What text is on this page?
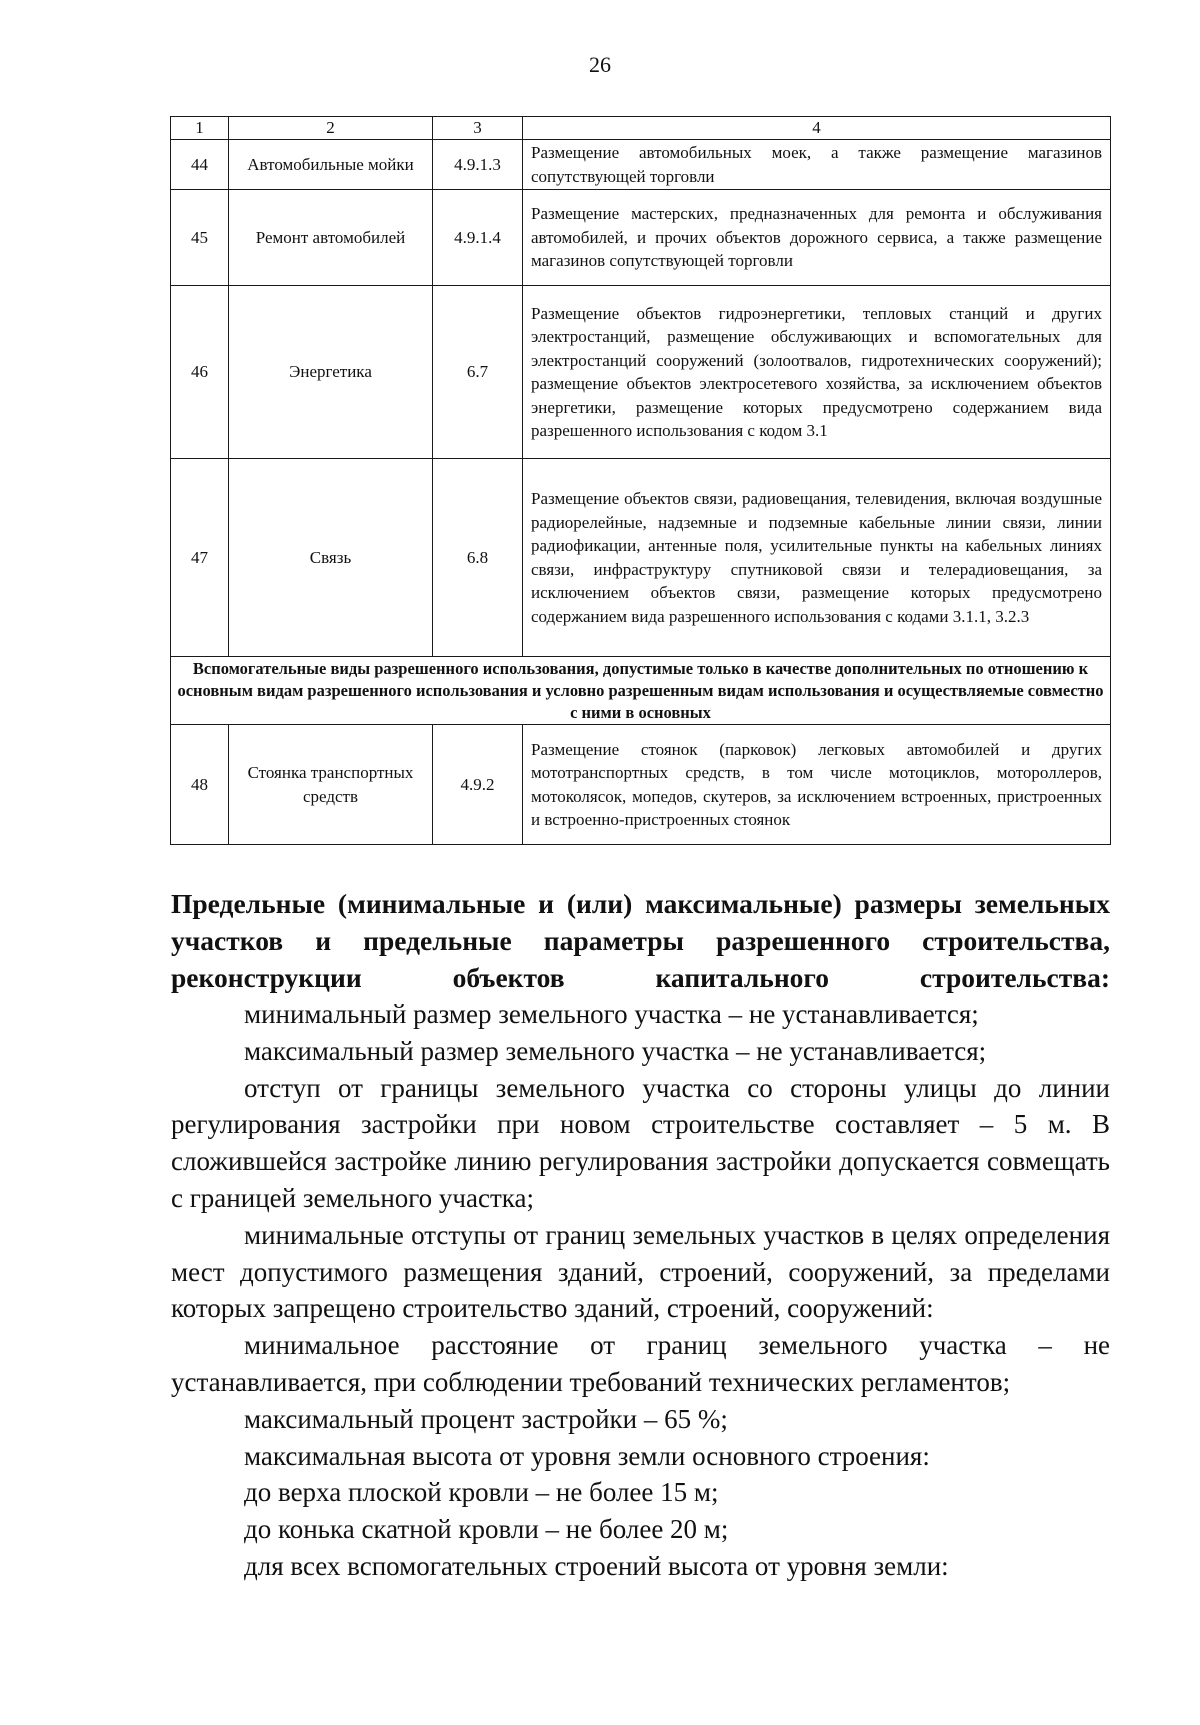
26
1	2	3	4
44	Автомобильные мойки	4.9.1.3	Размещение автомобильных моек, а также размещение магазинов сопутствующей торговли
45	Ремонт автомобилей	4.9.1.4	Размещение мастерских, предназначенных для ремонта и обслуживания автомобилей, и прочих объектов дорожного сервиса, а также размещение магазинов сопутствующей торговли
46	Энергетика	6.7	Размещение объектов гидроэнергетики, тепловых станций и других электростанций, размещение обслуживающих и вспомогательных для электростанций сооружений (золоотвалов, гидротехнических сооружений); размещение объектов электросетевого хозяйства, за исключением объектов энергетики, размещение которых предусмотрено содержанием вида разрешенного использования с кодом 3.1
47	Связь	6.8	Размещение объектов связи, радиовещания, телевидения, включая воздушные радиорелейные, надземные и подземные кабельные линии связи, линии радиофикации, антенные поля, усилительные пункты на кабельных линиях связи, инфраструктуру спутниковой связи и телерадиовещания, за исключением объектов связи, размещение которых предусмотрено содержанием вида разрешенного использования с кодами 3.1.1, 3.2.3
Вспомогательные виды разрешенного использования, допустимые только в качестве дополнительных по отношению к основным видам разрешенного использования и условно разрешенным видам использования и осуществляемые совместно с ними в основных			
48	Стоянка транспортных средств	4.9.2	Размещение стоянок (парковок) легковых автомобилей и других мототранспортных средств, в том числе мотоциклов, мотороллеров, мотоколясок, мопедов, скутеров, за исключением встроенных, пристроенных и встроенно-пристроенных стоянок
Предельные (минимальные и (или) максимальные) размеры земельных участков и предельные параметры разрешенного строительства, реконструкции объектов капитального строительства:

минимальный размер земельного участка – не устанавливается;

максимальный размер земельного участка – не устанавливается;

отступ от границы земельного участка со стороны улицы до линии регулирования застройки при новом строительстве составляет – 5 м. В сложившейся застройке линию регулирования застройки допускается совмещать с границей земельного участка;

минимальные отступы от границ земельных участков в целях определения мест допустимого размещения зданий, строений, сооружений, за пределами которых запрещено строительство зданий, строений, сооружений:

минимальное расстояние от границ земельного участка – не устанавливается, при соблюдении требований технических регламентов;

максимальный процент застройки – 65 %;

максимальная высота от уровня земли основного строения:

до верха плоской кровли – не более 15 м;

до конька скатной кровли – не более 20 м;

для всех вспомогательных строений высота от уровня земли:
